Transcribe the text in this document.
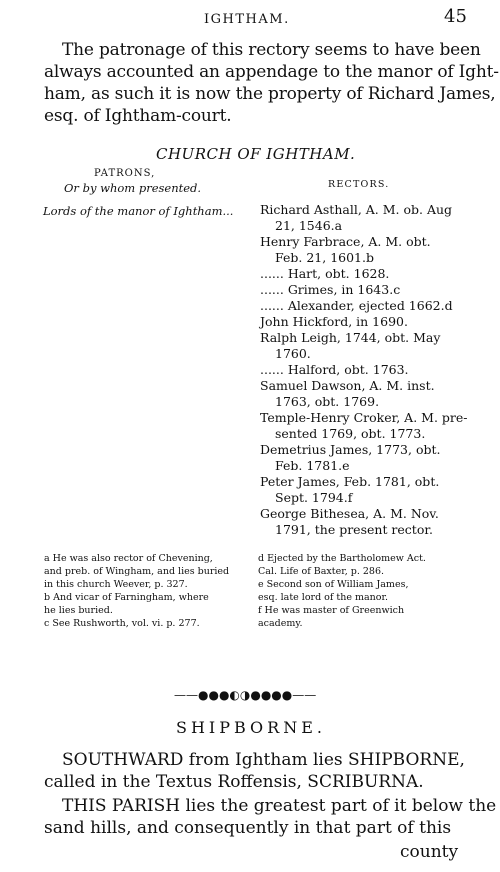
IGHTHAM.	45
The patronage of this rectory seems to have been
always accounted an appendage to the manor of Ight-
ham, as such it is now the property of Richard James,
esq. of Ightham-court.
CHURCH OF IGHTHAM.
PATRONS,
Or by whom presented.	RECTORS.
Lords of the manor of Ightham... Richard Asthall, A. M. ob. Aug
21, 1546.a
Henry Farbrace, A. M. obt.
Feb. 21, 1601.b
...... Hart, obt. 1628.
...... Grimes, in 1643.c
...... Alexander, ejected 1662.d
John Hickford, in 1690.
Ralph Leigh, 1744, obt. May
1760.
...... Halford, obt. 1763.
Samuel Dawson, A. M. inst.
1763, obt. 1769.
Temple-Henry Croker, A. M. pre-
sented 1769, obt. 1773.
Demetrius James, 1773, obt.
Feb. 1781.e
Peter James, Feb. 1781, obt.
Sept. 1794.f
George Bithesea, A. M. Nov.
1791, the present rector.
a He was also rector of Chevening,
and preb. of Wingham, and lies buried
in this church Weever, p. 327.
b And vicar of Farningham, where
he lies buried.
c See Rushworth, vol. vi. p. 277.
d Ejected by the Bartholomew Act.
Cal. Life of Baxter, p. 286.
e Second son of William James,
esq. late lord of the manor.
f He was master of Greenwich
academy.
——●●●◐◑●●●●——
SHIPBORNE.
SOUTHWARD from Ightham lies SHIPBORNE,
called in the Textus Roffensis, SCRIBURNA.
THIS PARISH lies the greatest part of it below the
sand hills, and consequently in that part of this
county
